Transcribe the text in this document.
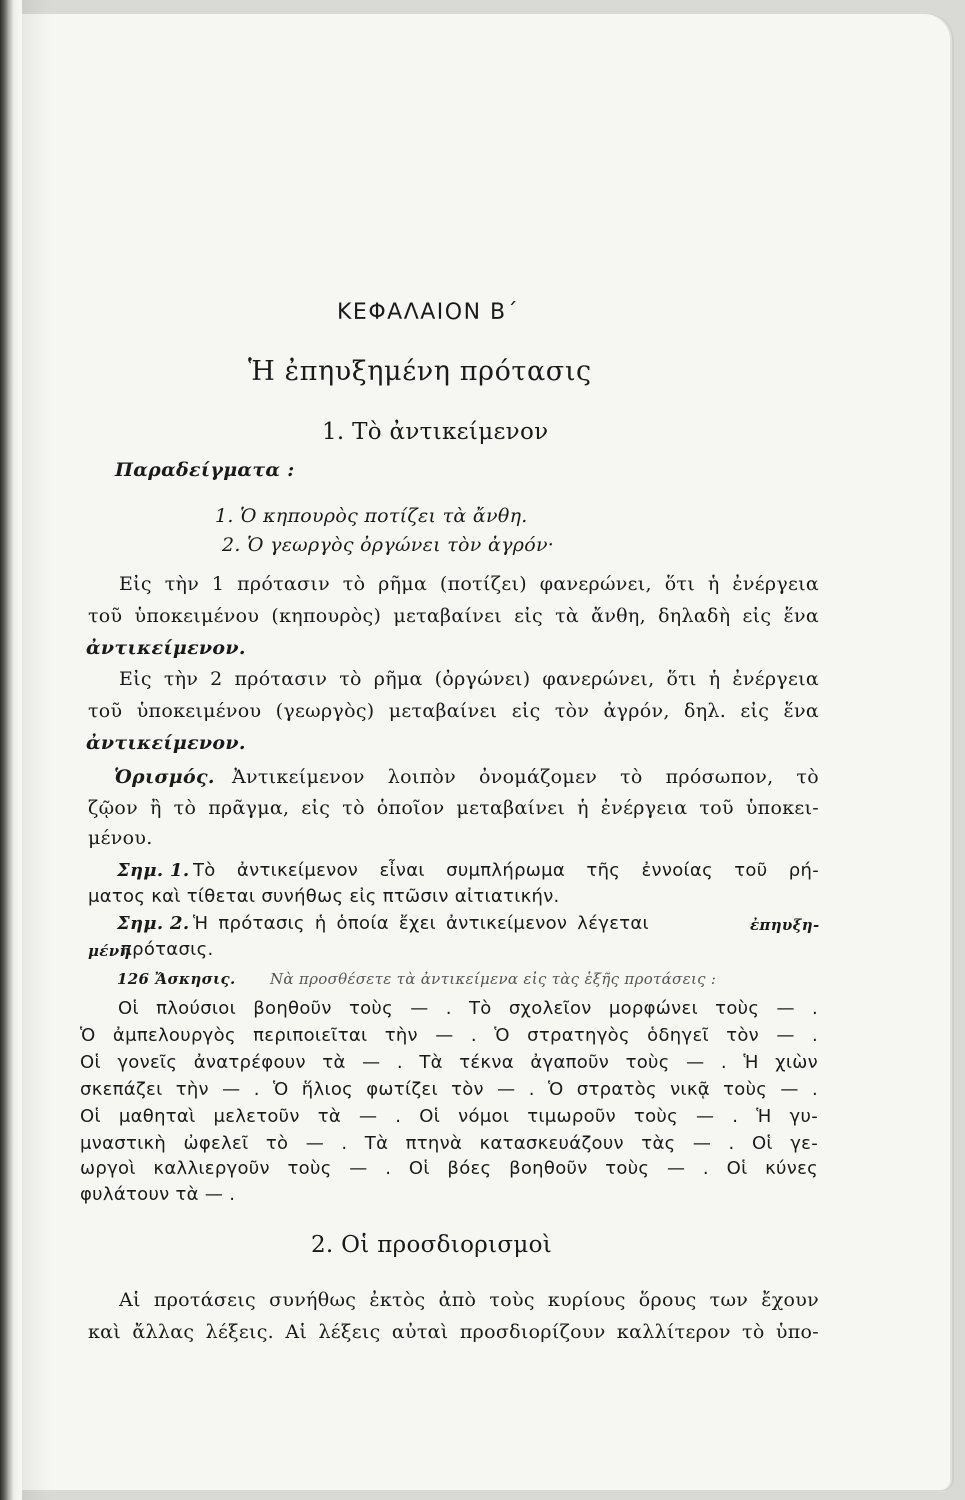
ΚΕΦΑΛΑΙΟΝ Β΄
Ἡ ἐπηυξημένη πρότασις
1. Τὸ ἀντικείμενον
Παραδείγματα :
1. Ὁ κηπουρὸς ποτίζει τὰ ἄνθη.
2. Ὁ γεωργὸς ὀργώνει τὸν ἀγρόν·
Εἰς τὴν 1 πρότασιν τὸ ρῆμα (ποτίζει) φανερώνει, ὅτι ἡ ἐνέργεια
τοῦ ὑποκειμένου (κηπουρὸς) μεταβαίνει εἰς τὰ ἄνθη, δηλαδὴ εἰς ἕνα
ἀντικείμενον.
Εἰς τὴν 2 πρότασιν τὸ ρῆμα (ὀργώνει) φανερώνει, ὅτι ἡ ἐνέργεια
τοῦ ὑποκειμένου (γεωργὸς) μεταβαίνει εἰς τὸν ἀγρόν, δηλ. εἰς ἕνα
ἀντικείμενον.
Ὁρισμός. Ἀντικείμενον λοιπὸν ὀνομάζομεν τὸ πρόσωπον, τὸ
ζῷον ἢ τὸ πρᾶγμα, εἰς τὸ ὁποῖον μεταβαίνει ἡ ἐνέργεια τοῦ ὑποκει-
μένου.
Σημ. 1. Τὸ ἀντικείμενον εἶναι συμπλήρωμα τῆς ἐννοίας τοῦ ρή-
ματος καὶ τίθεται συνήθως εἰς πτῶσιν αἰτιατικήν.
Σημ. 2. Ἡ πρότασις ἡ ὁποία ἔχει ἀντικείμενον λέγεται	ἐπηυξη-
μένη
πρότασις.
126 Ἄσκησις. Νὰ προσθέσετε τὰ ἀντικείμενα εἰς τὰς ἑξῆς προτάσεις :
Οἱ πλούσιοι βοηθοῦν τοὺς — . Τὸ σχολεῖον μορφώνει τοὺς — .
Ὁ ἀμπελουργὸς περιποιεῖται τὴν — . Ὁ στρατηγὸς ὁδηγεῖ τὸν — .
Οἱ γονεῖς ἀνατρέφουν τὰ — . Τὰ τέκνα ἀγαποῦν τοὺς — . Ἡ χιὼν
σκεπάζει τὴν — . Ὁ ἥλιος φωτίζει τὸν — . Ὁ στρατὸς νικᾷ τοὺς — .
Οἱ μαθηταὶ μελετοῦν τὰ — . Οἱ νόμοι τιμωροῦν τοὺς — . Ἡ γυ-
μναστικὴ ὠφελεῖ τὸ — . Τὰ πτηνὰ κατασκευάζουν τὰς — . Οἱ γε-
ωργοὶ καλλιεργοῦν τοὺς — . Οἱ βόες βοηθοῦν τοὺς — . Οἱ κύνες
φυλάτουν τὰ — .
2. Οἱ προσδιορισμοὶ
Αἱ προτάσεις συνήθως ἐκτὸς ἀπὸ τοὺς κυρίους ὅρους των ἔχουν
καὶ ἄλλας λέξεις. Αἱ λέξεις αὐταὶ προσδιορίζουν καλλίτερον τὸ ὑπο-
